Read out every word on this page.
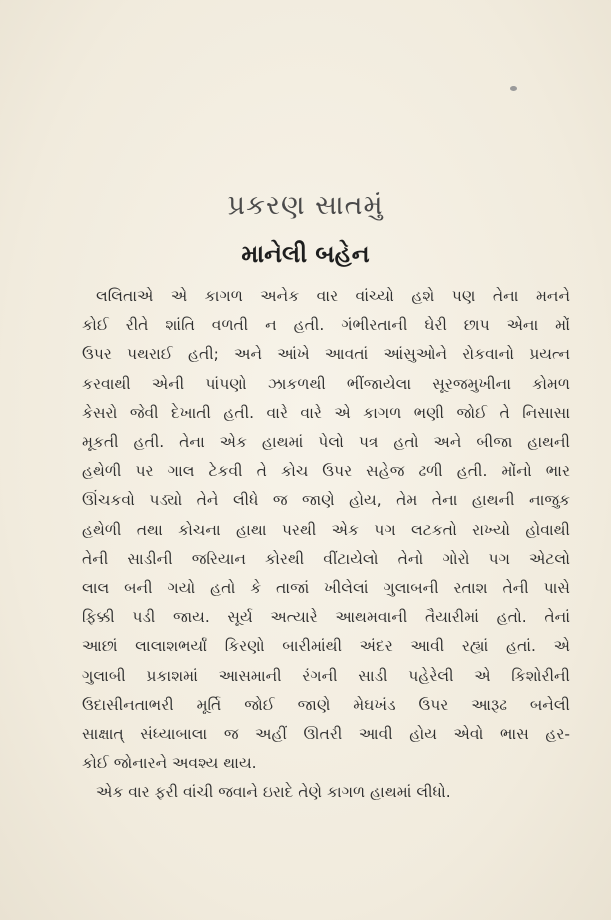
પ્રકરણ સાતમું
માનેલી બહેન
લલિતાએ એ કાગળ અનેક વાર વાંચ્યો હશે પણ તેના મનને
કોઈ રીતે શાંતિ વળતી ન હતી. ગંભીરતાની ઘેરી છાપ એના મોં
ઉપર પથરાઈ હતી; અને આંખે આવતાં આંસુઓને રોકવાનો પ્રયત્ન
કરવાથી એની પાંપણો ઝાકળથી ભીંજાયેલા સૂરજમુખીના કોમળ
કેસરો જેવી દેખાતી હતી. વારે વારે એ કાગળ ભણી જોઈ તે નિસાસા
મૂકતી હતી. તેના એક હાથમાં પેલો પત્ર હતો અને બીજા હાથની
હથેળી પર ગાલ ટેકવી તે કોચ ઉપર સહેજ ઢળી હતી. મોંનો ભાર
ઊંચકવો પડ્યો તેને લીધે જ જાણે હોય, તેમ તેના હાથની નાજુક
હથેળી તથા કોચના હાથા પરથી એક પગ લટકતો રાખ્યો હોવાથી
તેની સાડીની જરિયાન કોરથી વીંટાયેલો તેનો ગોરો પગ એટલો
લાલ બની ગયો હતો કે તાજાં ખીલેલાં ગુલાબની રતાશ તેની પાસે
ફિક્કી પડી જાય. સૂર્ય અત્યારે આથમવાની તૈયારીમાં હતો. તેનાં
આછાં લાલાશભર્યાં કિરણો બારીમાંથી અંદર આવી રહ્યાં હતાં. એ
ગુલાબી પ્રકાશમાં આસમાની રંગની સાડી પહેરેલી એ કિશોરીની
ઉદાસીનતાભરી મૂર્તિ જોઈ જાણે મેઘખંડ ઉપર આરૂઢ બનેલી
સાક્ષાત્ સંધ્યાબાલા જ અહીં ઊતરી આવી હોય એવો ભાસ હર-
કોઈ જોનારને અવશ્ય થાય.
એક વાર ફરી વાંચી જવાને ઇરાદે તેણે કાગળ હાથમાં લીધો.
